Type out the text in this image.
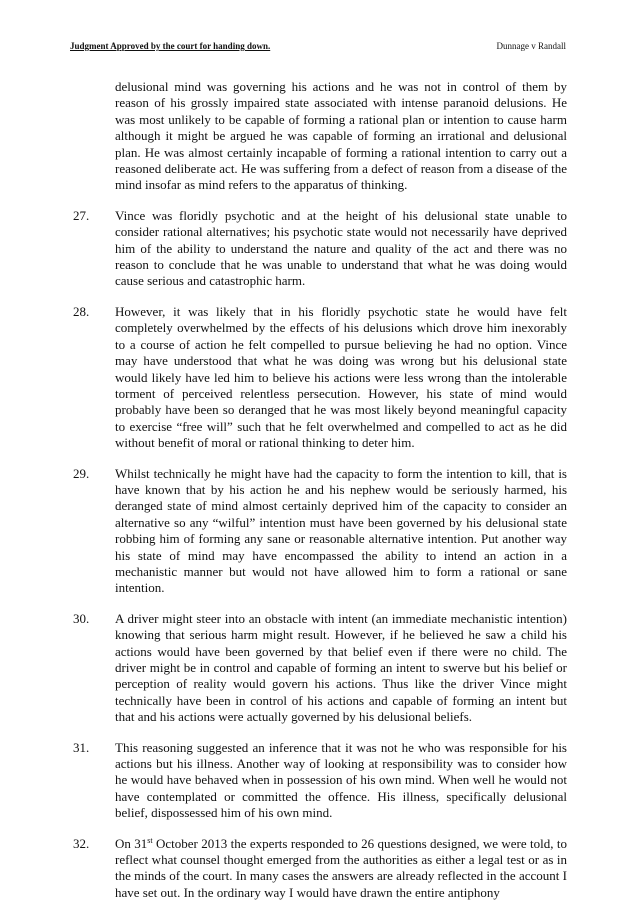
Judgment Approved by the court for handing down.	Dunnage v Randall
delusional mind was governing his actions and he was not in control of them by reason of his grossly impaired state associated with intense paranoid delusions. He was most unlikely to be capable of forming a rational plan or intention to cause harm although it might be argued he was capable of forming an irrational and delusional plan. He was almost certainly incapable of forming a rational intention to carry out a reasoned deliberate act. He was suffering from a defect of reason from a disease of the mind insofar as mind refers to the apparatus of thinking.
27.	Vince was floridly psychotic and at the height of his delusional state unable to consider rational alternatives; his psychotic state would not necessarily have deprived him of the ability to understand the nature and quality of the act and there was no reason to conclude that he was unable to understand that what he was doing would cause serious and catastrophic harm.
28.	However, it was likely that in his floridly psychotic state he would have felt completely overwhelmed by the effects of his delusions which drove him inexorably to a course of action he felt compelled to pursue believing he had no option. Vince may have understood that what he was doing was wrong but his delusional state would likely have led him to believe his actions were less wrong than the intolerable torment of perceived relentless persecution. However, his state of mind would probably have been so deranged that he was most likely beyond meaningful capacity to exercise “free will” such that he felt overwhelmed and compelled to act as he did without benefit of moral or rational thinking to deter him.
29.	Whilst technically he might have had the capacity to form the intention to kill, that is have known that by his action he and his nephew would be seriously harmed, his deranged state of mind almost certainly deprived him of the capacity to consider an alternative so any “wilful” intention must have been governed by his delusional state robbing him of forming any sane or reasonable alternative intention. Put another way his state of mind may have encompassed the ability to intend an action in a mechanistic manner but would not have allowed him to form a rational or sane intention.
30.	A driver might steer into an obstacle with intent (an immediate mechanistic intention) knowing that serious harm might result. However, if he believed he saw a child his actions would have been governed by that belief even if there were no child. The driver might be in control and capable of forming an intent to swerve but his belief or perception of reality would govern his actions. Thus like the driver Vince might technically have been in control of his actions and capable of forming an intent but that and his actions were actually governed by his delusional beliefs.
31.	This reasoning suggested an inference that it was not he who was responsible for his actions but his illness. Another way of looking at responsibility was to consider how he would have behaved when in possession of his own mind. When well he would not have contemplated or committed the offence. His illness, specifically delusional belief, dispossessed him of his own mind.
32.	On 31st October 2013 the experts responded to 26 questions designed, we were told, to reflect what counsel thought emerged from the authorities as either a legal test or as in the minds of the court. In many cases the answers are already reflected in the account I have set out. In the ordinary way I would have drawn the entire antiphony
